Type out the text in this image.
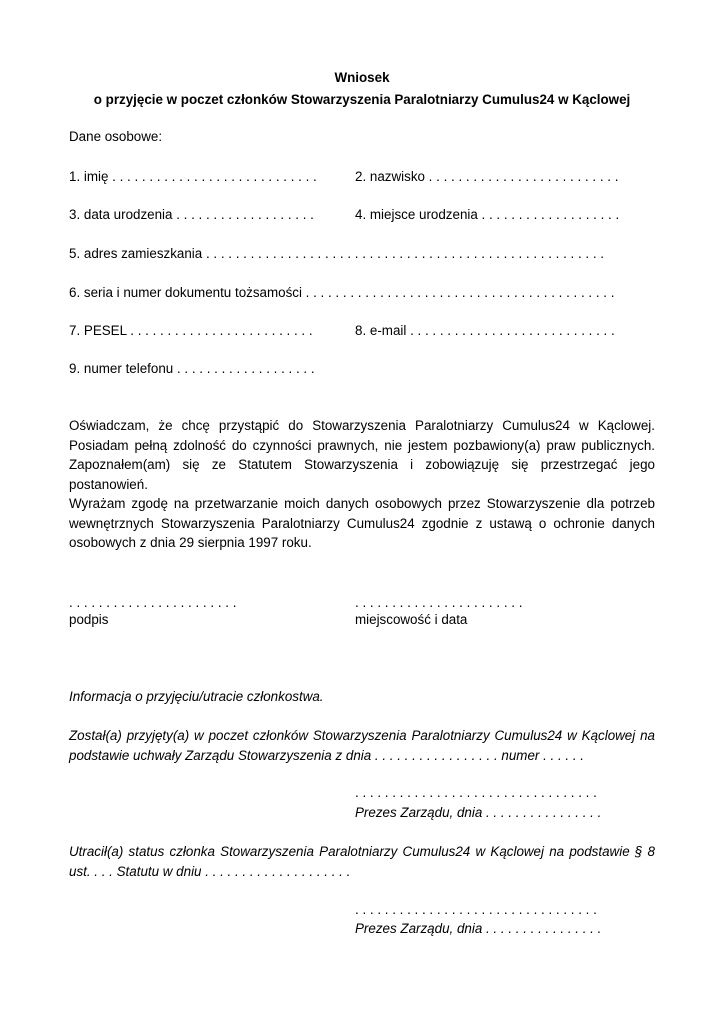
Wniosek
o przyjęcie w poczet członków Stowarzyszenia Paralotniarzy Cumulus24 w Kąclowej
Dane osobowe:
1. imię . . . . . . . . . . . . . . . . . . . . . . . . . . . .	2. nazwisko . . . . . . . . . . . . . . . . . . . . . . . . . .
3. data urodzenia . . . . . . . . . . . . . . . . . . .	4. miejsce urodzenia . . . . . . . . . . . . . . . . . . .
5. adres zamieszkania . . . . . . . . . . . . . . . . . . . . . . . . . . . . . . . . . . . . . . . . . . . . . . . . . . . . . .
6. seria i numer dokumentu tożsamości . . . . . . . . . . . . . . . . . . . . . . . . . . . . . . . . . . . . . . . . . .
7. PESEL . . . . . . . . . . . . . . . . . . . . . . . . .	8. e-mail . . . . . . . . . . . . . . . . . . . . . . . . . . . .
9. numer telefonu . . . . . . . . . . . . . . . . . . .
Oświadczam, że chcę przystąpić do Stowarzyszenia Paralotniarzy Cumulus24 w Kąclowej. Posiadam pełną zdolność do czynności prawnych, nie jestem pozbawiony(a) praw publicznych. Zapoznałem(am) się ze Statutem Stowarzyszenia i zobowiązuję się przestrzegać jego postanowień.
Wyrażam zgodę na przetwarzanie moich danych osobowych przez Stowarzyszenie dla potrzeb wewnętrznych Stowarzyszenia Paralotniarzy Cumulus24 zgodnie z ustawą o ochronie danych osobowych z dnia 29 sierpnia 1997 roku.
. . . . . . . . . . . . . . . . . . . . . . .
podpis
. . . . . . . . . . . . . . . . . . . . . . .
miejscowość i data
Informacja o przyjęciu/utracie członkostwa.
Został(a) przyjęty(a) w poczet członków Stowarzyszenia Paralotniarzy Cumulus24 w Kąclowej na podstawie uchwały Zarządu Stowarzyszenia z dnia . . . . . . . . . . . . . . . . . numer . . . . . .
. . . . . . . . . . . . . . . . . . . . . . . . . . . . . . . . .
Prezes Zarządu, dnia . . . . . . . . . . . . . . . .
Utracił(a) status członka Stowarzyszenia Paralotniarzy Cumulus24 w Kąclowej na podstawie § 8 ust. . . . Statutu w dniu . . . . . . . . . . . . . . . . . . . .
. . . . . . . . . . . . . . . . . . . . . . . . . . . . . . . . .
Prezes Zarządu, dnia . . . . . . . . . . . . . . . .
